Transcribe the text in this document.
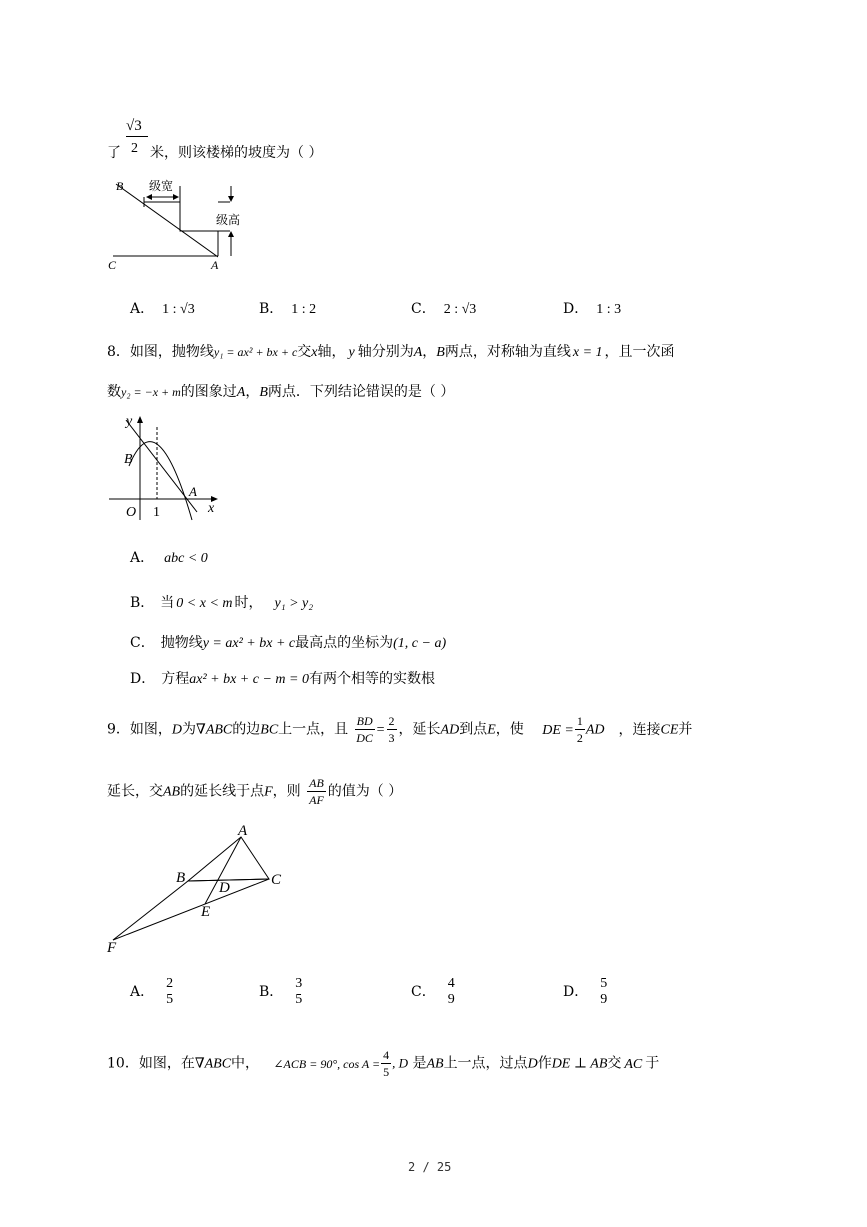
√3
2
了 米，则该楼梯的坡度为（ ）
B
C	A
级宽
级高
A． 1 : √3	B． 1 : 2	C． 2 : √3	D． 1 : 3
8．如图，抛物线y₁ = ax² + bx + c交x轴， y 轴分别为A，B两点，对称轴为直线 x = 1 ，且一次函
数y₂ = −x + m的图象过A，B两点．下列结论错误的是（ ）
y
x
O 1
A
B
A． abc < 0
B． 当 0 < x < m 时， y₁ > y₂
C． 抛物线y = ax² + bx + c最高点的坐标为(1, c − a)
D． 方程ax² + bx + c − m = 0有两个相等的实数根
9．如图，D为∇ABC的边BC上一点，且 $\frac{BD}{DC} = \frac{2}{3}$ ，延长AD到点E，使 DE = $\frac{1}{2}$ AD ，连接CE并
延长，交AB的延长线于点F，则 $\frac{AB}{AF}$ 的值为（ ）
A
B	C
D
E
F
A．
2
5	B．
3
5	C．
4
9	D．
5
9
10．如图，在∇ABC中， ∠ACB = 90°, $\cos A = \frac{4}{5}$ , D 是AB上一点，过点D作DE ⊥ AB交 AC 于
2 / 25
